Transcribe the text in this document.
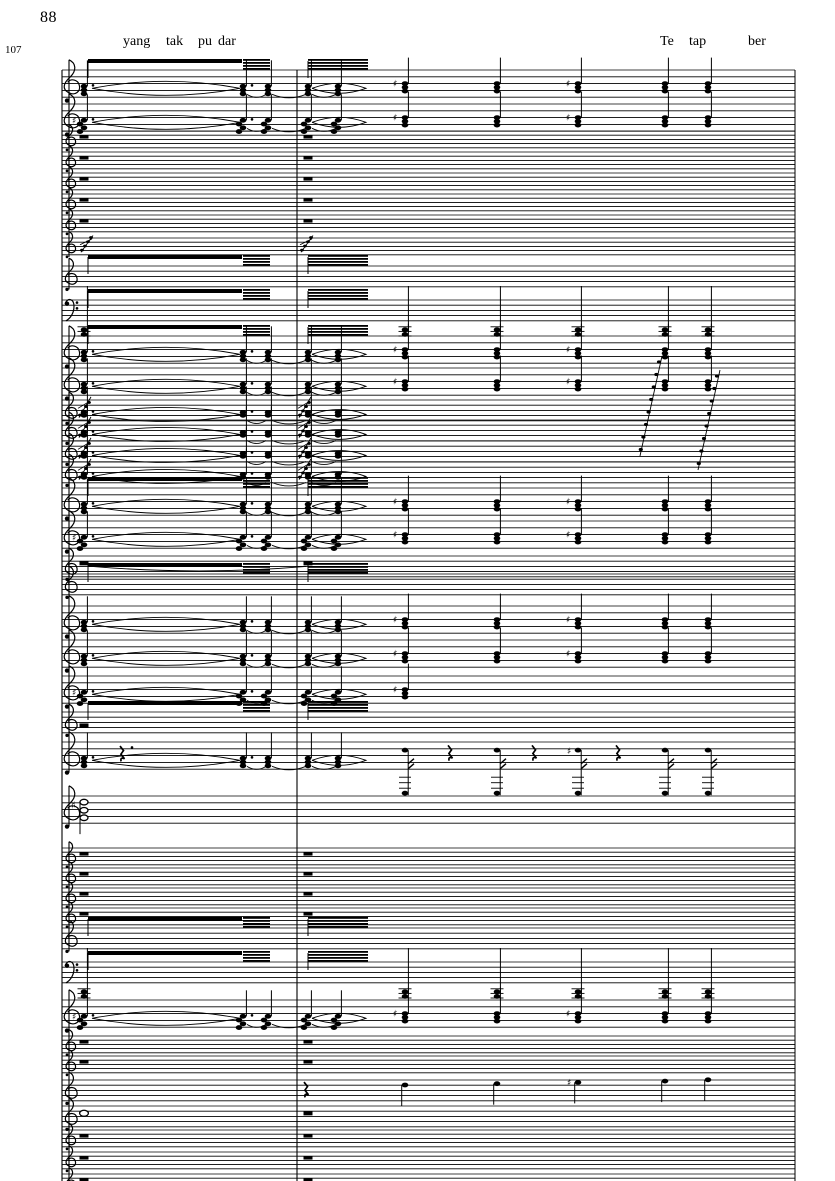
88
107
yang tak pu dar	Te tap	ber
♯	♯
♯	♯	♯
♯	♯
♯	♯
♯	♯
♯	♯	♯
♯	♯
♯	♯
♯	♯
♯
♯
♯	♯	♯
♯
